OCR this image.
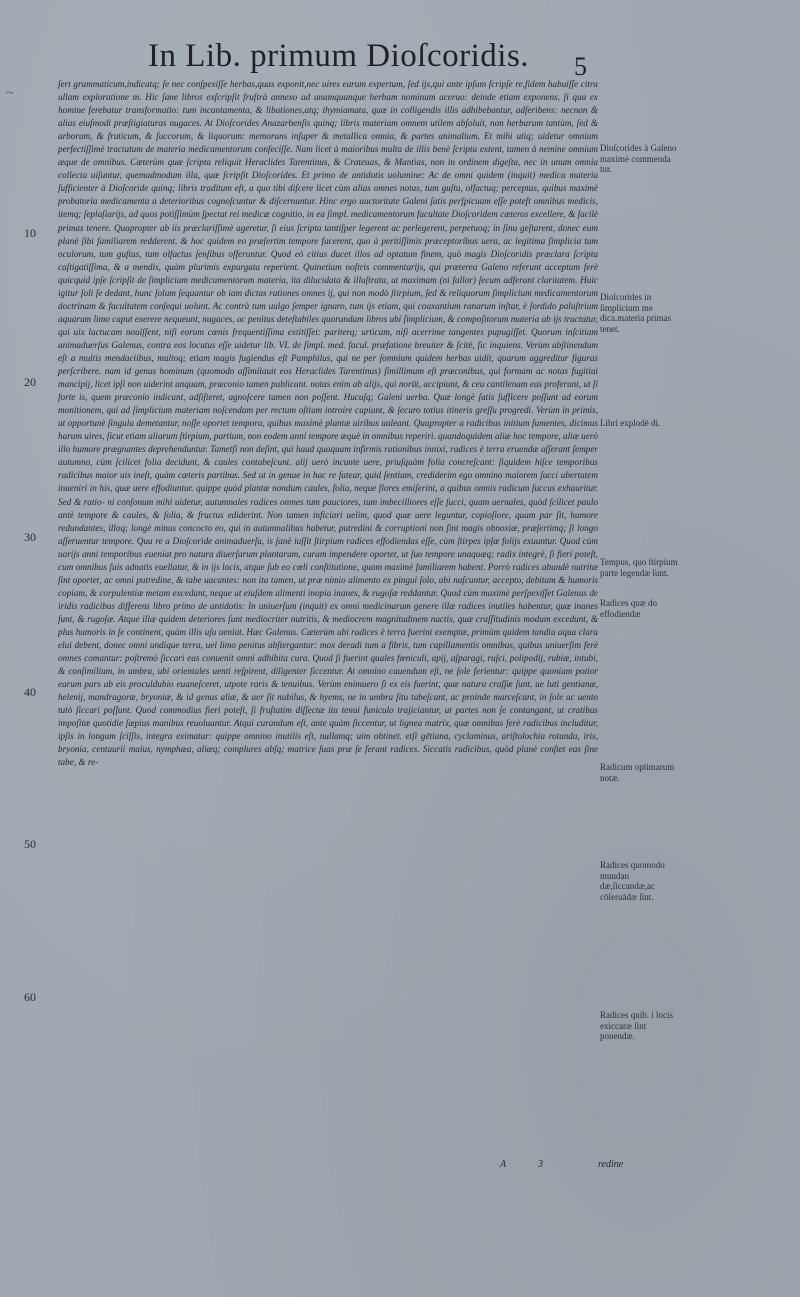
~
In Lib. primum Dioſcoridis.	5

ſert grammaticum,indicatq; ſe nec conſpexiſſe herbas,quas exponit,nec uires earum expertum, ſed ijs,qui ante ipſum ſcripſe re,fidem habuiſſe citra ullam exploratione m. Hic ſane libros exſcripſit fruſtrà annexo ad unamquanque herbam nominum aceruo: deinde etiam exponens, ſi qua ex homine ferebatur transformatio: tum incantamenta, & libationes,atq; thymiamata, quæ in colligendis illis adhibebantur, adſeribens: necnon & alias eiuſmodi præſtigiaturas nugaces. At Dioſcorides Anazarbenſis quinq; libris materiam omnem utilem abſoluit, non herbarum tantùm, ſed & arborum, & fruticum, & ſuccorum, & liquorum: memorans inſuper & metallica omnia, & partes animalium. Et mihi utiq; uidetur omnium perfectiſſimè tractatum de materia medicamentorum confeciſſe. Nam licet à maioribus multa de illis benè ſcripta extent, tamen à nemine omnium æque de omnibus. Cæterùm quæ ſcripta reliquit Heraclides Tarentinus, & Crateuas, & Mantias, non in ordinem digeſta, nec in unum omnia collecta uiſuntur, quemadmodum illa, quæ ſcripſit Dioſcorides. Et primo de antidotis uolumine: Ac de omni quidem (inquit) medica materia ſufficienter à Dioſcoride quinq; libris traditum eſt, a quo tibi diſcere licet cùm alias omnes notas, tum guſtu, olfactuq; perceptas, quibus maximè probatoria medicamenta a deterioribus cognoſcuntur & diſcernuntur. Hinc ergo auctoritate Galeni ſatis perſpicuum eſſe poteſt omnibus medicis, itemq; ſeplaſiarijs, ad quos potiſſimùm ſpectat rei medicæ cognitio, in ea ſimpl. medicamentorum facultate Dioſcoridem cæteros excellere, & facilè primas tenere. Quapropter ab iis præclariſſimè ageretur, ſi eius ſcripta tantiſper legerent ac perlegerent, perpetuoq; in ſinu geſtarent, donec eum planè ſibi familiarem redderent. & hoc quidem eo præſertim tempore facerent, quo à peritiſſimis præceptoribus uera, ac legitima ſimplicia tum oculorum, tum guſtus, tum olfactus ſenſibus offeruntur. Quod eò citius ducet illos ad optatum finem, quò magis Dioſcoridis præclara ſcripta caſtigatiſſima, & a mendis, quàm plurimis expurgata reperient. Quinetiam noſtris commentarijs, qui præterea Galeno referunt acceptum ferè quicquid ipſe ſcripſit de ſimplicium medicamentorum materia, ita dilucidata & illuſtrata, ut maximam (ni fallor) ſecum adferant claritatem. Huic igitur ſoli ſe dedant, hunc ſolum ſequantur ob iam dictas rationes omnes ij, qui non modò ſtirpium, ſed & reliquorum ſimplicium medicamentorum doctrinam & facultatem conſequi uolunt. Ac contrà tum uulgo ſemper ignaro, tum ijs etiam, qui coaxantium ranarum inſtar, è ſordido paluſtrium aquarum limo caput exerere nequeunt, nugaces, ac penitus deteſtabiles quorundam libros ubi ſimplicium, & compoſitorum materia ab ijs tractatur, qui uix lactucam nouiſſent, niſi eorum cœnis frequentiſſima extitiſſet: pariterq; urticam, niſi acerrime tangentes pupugiſſet. Quorum inſcitiam animaduerſus Galenus, contra eos locutus eſſe uidetur lib. VI. de ſimpl. med. facul. præfatione breuiter & ſcitè, ſic inquiens. Verùm abſtinendum eſt a multis mendaciibus, multoq; etiam magis fugiendus eſt Pamphilus, qui ne per ſomnium quidem herbas uidit, quarum aggreditur figuras perſcribere. nam id genus hominum (quomodo aſſimilauit eos Heraclides Tarentinus) ſimillimum eſt præconibus, qui formam ac notas fugitiui mancipij, licet ipſi non uiderint unquam, præconio tamen publicant. notas enim ab alijs, qui norūt, accipiunt, & ceu cantilenam eas proferunt, ut ſi forte is, quem præconio indicant, adſiſteret, agnoſcere tamen non poſſent. Hucuſq; Galeni uerba. Quæ longè ſatis ſufficere poſſunt ad eorum monitionem, qui ad ſimplicium materiam noſcendam per rectum oſtium introire cupiunt, & ſecuro totius itineris greſſu progredi. Verùm in primis, ut opportunè ſingula demetantur, noſſe oportet tempora, quibus maximè plantæ uiribus ualeant. Quapropter a radicibus initium ſumentes, dicimus harum uires, ſicut etiam aliarum ſtirpium, partium, non eodem anni tempore æquè in omnibus reperiri. quandoquidem aliæ hoc tempore, aliæ uerò illo humore prægnantes deprehenduntur. Tametſi non deſint, qui haud quaquam infirmis rationibus innixi, radices è terra eruendæ aſſerant ſemper autumno, cùm ſcilicet folia decidunt, & caules contabeſcunt. alij uerò incunte uere, priuſquàm folia concreſcant: ſiquidem hiſce temporibus radicibus maior uis ineſt, quàm cæteris partibus. Sed ut in genue in hac re fatear, quid ſentiam, crediderim ego omnino maiorem ſucci ubertatem inueniri in his, quæ uere effodiuntur. quippe quòd plantæ nondum caules, folia, neque flores emiſerint, a quibus omnis radicum ſuccus exhauritur. Sed & ratio- ni conſonum mihi uidetur, autumnales radices omnes tum pauciores, tum imbecilliores eſſe ſucci, quam uernales, quòd ſcilicet paulo antè tempore & caules, & folia, & fructus ediderint. Non tamen inficiari uelim, quod quæ uere leguntur, copioſiore, quam par ſit, humore redundantes, illoq; longè minus concocto eo, qui in autumnalibus habetur, putredini & corruptioni non ſint magis obnoxiæ, præſertimq; ſi longo aſſeruentur tempore. Qua re a Dioſcoride animaduerſa, is ſanè iuſſit ſtirpium radices effodiendas eſſe, cùm ſtirpes ipſæ folijs exuuntur. Quod cùm uarijs anni temporibus eueniat pro natura diuerſarum plantarum, curam impendere oportet, ut ſuo tempore unaquæq; radix integrè, ſi fieri poteſt, cum omnibus ſuis adnatis euellatur, & in ijs locis, atque ſub eo cœli conſtitutione, quam maximè familiarem habent. Porrò radices abundè nutritæ ſint oportet, ac omni putredine, & tabe uacantes: non ita tamen, ut præ nimio alimento ex pingui ſolo, ubi naſcuntur, accepto, debitam & humoris copiam, & corpulentiæ metam excedant, neque ut eiuſdem alimenti inopia inanes, & rugoſæ reddantur. Quod cùm maximè perſpexiſſet Galenus de iridis radicibus differens libro primo de antidotis: In uniuerſum (inquit) ex omni medicinarum genere illæ radices inutiles habentur, quæ inanes ſunt, & rugoſæ. Atque illæ quidem deteriores ſunt mediocriter nutritis, & mediocrem magnitudinem nactis, quæ craſſitudinis modum excedunt, & plus humoris in ſe continent, quàm illis uſu ueniat. Hæc Galenus. Cæterùm ubi radices è terra fuerint exemptæ, primùm quidem tandiu aqua clara elui debent, donec omni undique terra, uel limo penitus abſtergantur: mox deradi tum a fibris, tum capillamentis omnibus, quibus uniuerſim ferè omnes comantur: poſtremò ſiccari eas conuenit omni adhibita cura. Quod ſi fuerint quales fœniculi, apij, aſparagi, ruſci, polipodij, rubiæ, intubi, & conſimilium, in umbra, ubi orientales uenti reſpirent, diligenter ſiccentur. At omnino cauendum eſt, ne ſole ferientur: quippe quoniam potior earum pars ab eis proculdubio euaneſceret, utpote raris & tenuibus. Verùm enimuero ſi ex eis fuerint, quæ natura craſſæ ſunt, ue luti gentianæ, helenij, mandragoræ, bryoniæ, & id genus aliæ, & aer ſit nubilus, & hyems, ne in umbra ſitu tabeſcant, ac proinde marceſcant, in ſole ac uento tutò ſiccari poſſunt. Quod commodius fieri poteſt, ſi fruſtatim diſſectæ ita tenui funiculo trajiciantur, ut partes non ſe contangant, ut cratibus impoſitæ quotidie ſæpius manibus reuoluantur. Atqui curandum eſt, ante quàm ſiccentur, ut lignea matrix, quæ omnibus ferè radicibus includitur, ipſis in longum ſciſſis, integra eximatur: quippe omnino inutilis eſt, nullamq; uim obtinet. etſi gētiana, cyclaminus, ariſtolochia rotunda, iris, bryonia, centaurii maius, nymphæa, aliæq; complures abſq; matrice ſuas præ ſe ferant radices. Siccatis radicibus, quòd planè conſtet eas ſine tabe, & re-

10
20
30
40
50
60
Dioſcorides à Galeno maximè commenda tur.
Dioſcorides in ſimplicium me dica.materia primas tenet.
Libri explodē di.
Tempus, quo ſtirpium parte legendæ ſunt.
Radices quæ do effodiendæ
Radicum optimarum notæ.
Radices quomodo mundan dæ,ſiccandæ,ac cōſeruādæ ſint.
Radices quib. i locis exiccaræ ſint ponendæ.
A	3	redine
